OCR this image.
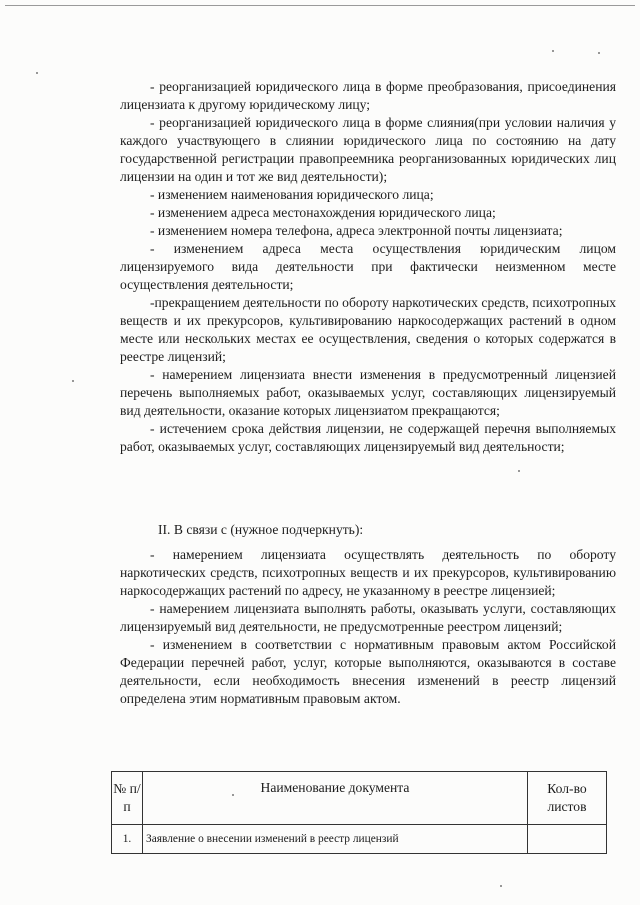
- реорганизацией юридического лица в форме преобразования, присоединения лицензиата к другому юридическому лицу;

- реорганизацией юридического лица в форме слияния(при условии наличия у каждого участвующего в слиянии юридического лица по состоянию на дату государственной регистрации правопреемника реорганизованных юридических лиц лицензии на один и тот же вид деятельности);

- изменением наименования юридического лица;

- изменением адреса местонахождения юридического лица;

- изменением номера телефона, адреса электронной почты лицензиата;

- изменением адреса места осуществления юридическим лицом лицензируемого вида деятельности при фактически неизменном месте осуществления деятельности;

-прекращением деятельности по обороту наркотических средств, психотропных веществ и их прекурсоров, культивированию наркосодержащих растений в одном месте или нескольких местах ее осуществления, сведения о которых содержатся в реестре лицензий;

- намерением лицензиата внести изменения в предусмотренный лицензией перечень выполняемых работ, оказываемых услуг, составляющих лицензируемый вид деятельности, оказание которых лицензиатом прекращаются;

- истечением срока действия лицензии, не содержащей перечня выполняемых работ, оказываемых услуг, составляющих лицензируемый вид деятельности;

II. В связи с (нужное подчеркнуть):

- намерением лицензиата осуществлять деятельность по обороту наркотических средств, психотропных веществ и их прекурсоров, культивированию наркосодержащих растений по адресу, не указанному в реестре лицензией;

- намерением лицензиата выполнять работы, оказывать услуги, составляющих лицензируемый вид деятельности, не предусмотренные реестром лицензий;

- изменением в соответствии с нормативным правовым актом Российской Федерации перечней работ, услуг, которые выполняются, оказываются в составе деятельности, если необходимость внесения изменений в реестр лицензий определена этим нормативным правовым актом.

№ п/п	Наименование документа	Кол-во листов
1.	Заявление о внесении изменений в реестр лицензий	
